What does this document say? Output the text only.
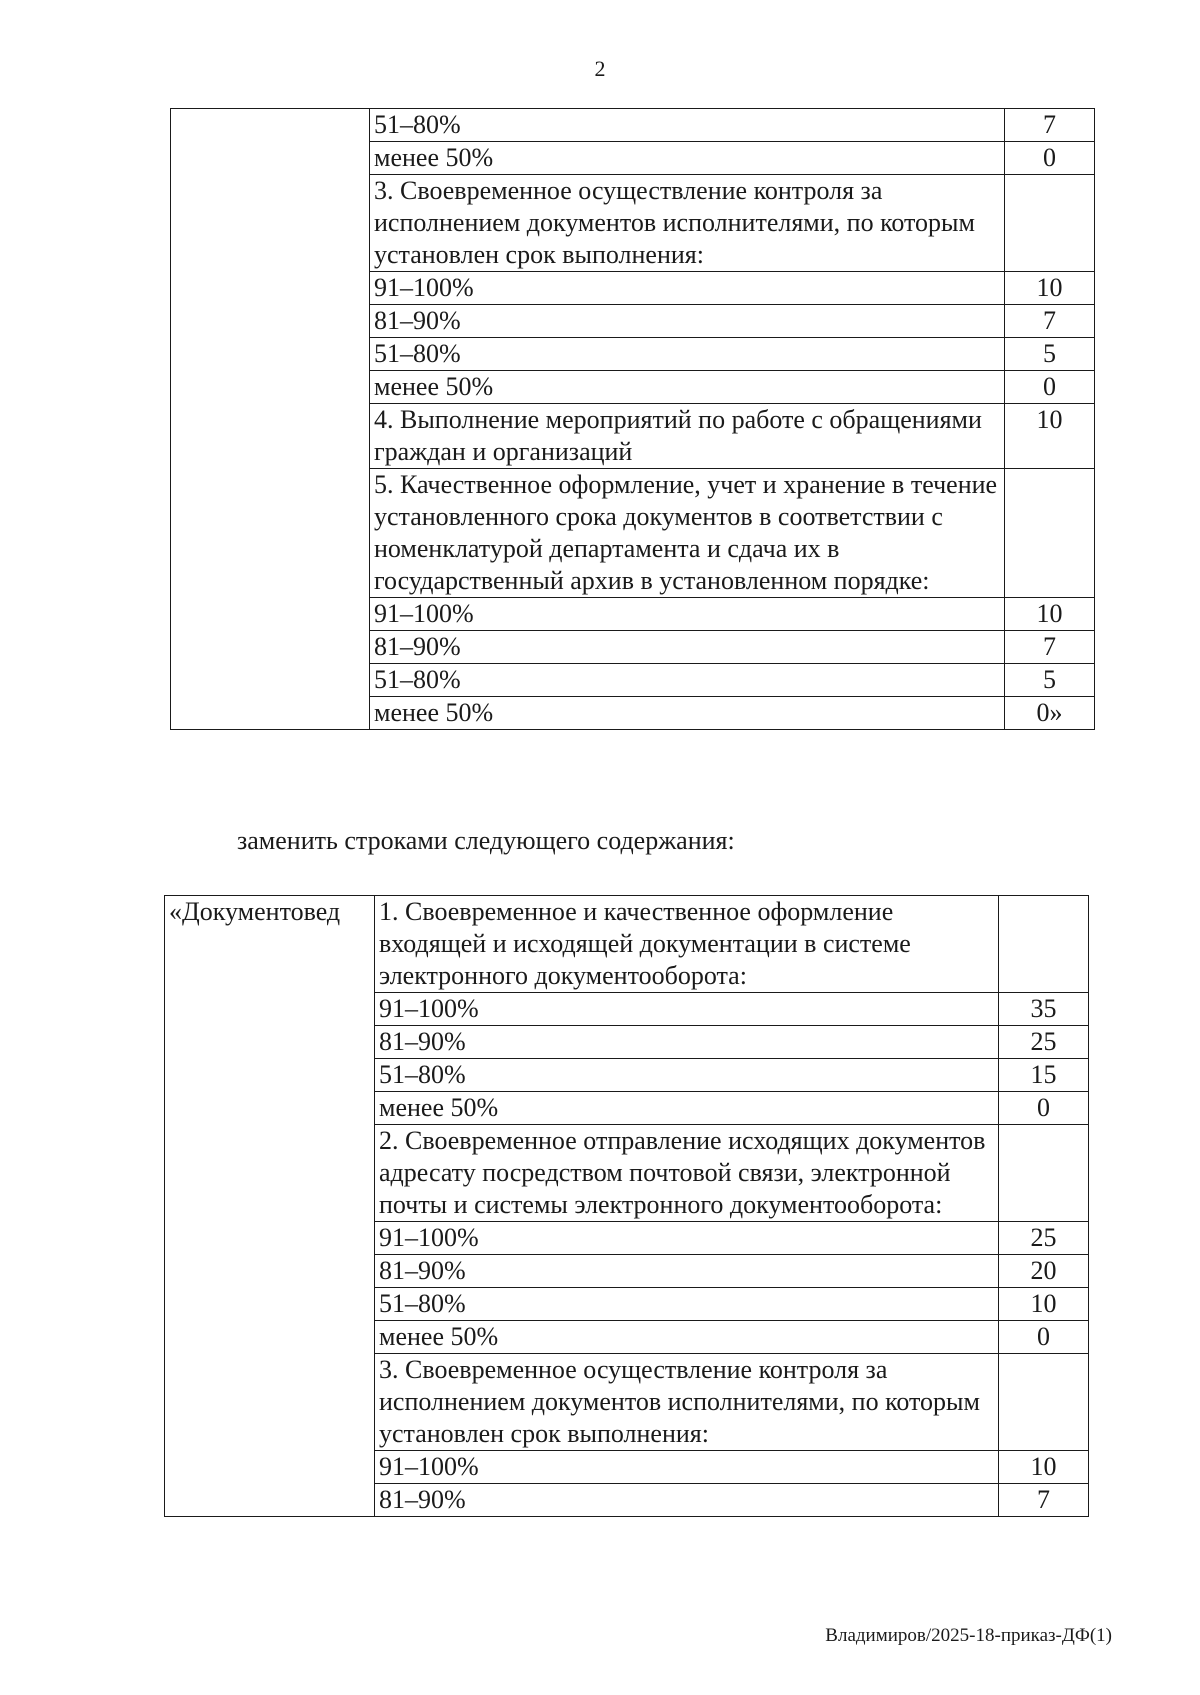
2
	51–80%	7
	менее 50%	0
	3. Своевременное осуществление контроля за исполнением документов исполнителями, по которым установлен срок выполнения:	
	91–100%	10
	81–90%	7
	51–80%	5
	менее 50%	0
	4. Выполнение мероприятий по работе с обращениями граждан и организаций	10
	5. Качественное оформление, учет и хранение в течение установленного срока документов в соответствии с номенклатурой департамента и сдача их в государственный архив в установленном порядке:	
	91–100%	10
	81–90%	7
	51–80%	5
	менее 50%	0»
заменить строками следующего содержания:
«Документовед	1. Своевременное и качественное оформление входящей и исходящей документации в системе электронного документооборота:	
	91–100%	35
	81–90%	25
	51–80%	15
	менее 50%	0
	2. Своевременное отправление исходящих документов адресату посредством почтовой связи, электронной почты и системы электронного документооборота:	
	91–100%	25
	81–90%	20
	51–80%	10
	менее 50%	0
	3. Своевременное осуществление контроля за исполнением документов исполнителями, по которым установлен срок выполнения:	
	91–100%	10
	81–90%	7
Владимиров/2025-18-приказ-ДФ(1)
